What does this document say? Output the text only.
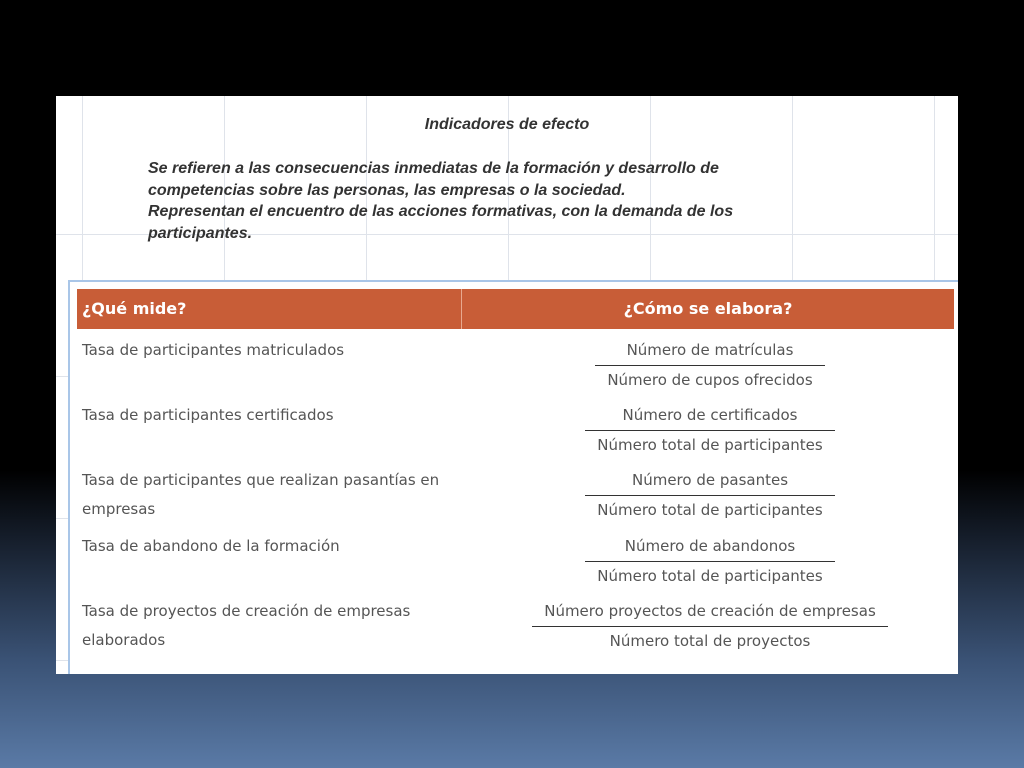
Indicadores de efecto

Se refieren a las consecuencias inmediatas de la formación y desarrollo de
competencias sobre las personas, las empresas o la sociedad.
Representan el encuentro de las acciones formativas, con la demanda de los
participantes.

¿Qué mide?	¿Cómo se elabora?
Tasa de participantes matriculados	$\frac{\text{Número de matrículas}}{\text{Número de cupos ofrecidos}}$
Tasa de participantes certificados	$\frac{\text{Número de certificados}}{\text{Número total de participantes}}$
Tasa de participantes que realizan pasantías en empresas	$\frac{\text{Número de pasantes}}{\text{Número total de participantes}}$
Tasa de abandono de la formación	$\frac{\text{Número de abandonos}}{\text{Número total de participantes}}$
Tasa de proyectos de creación de empresas elaborados	$\frac{\text{Número proyectos de creación de empresas}}{\text{Número total de proyectos}}$
